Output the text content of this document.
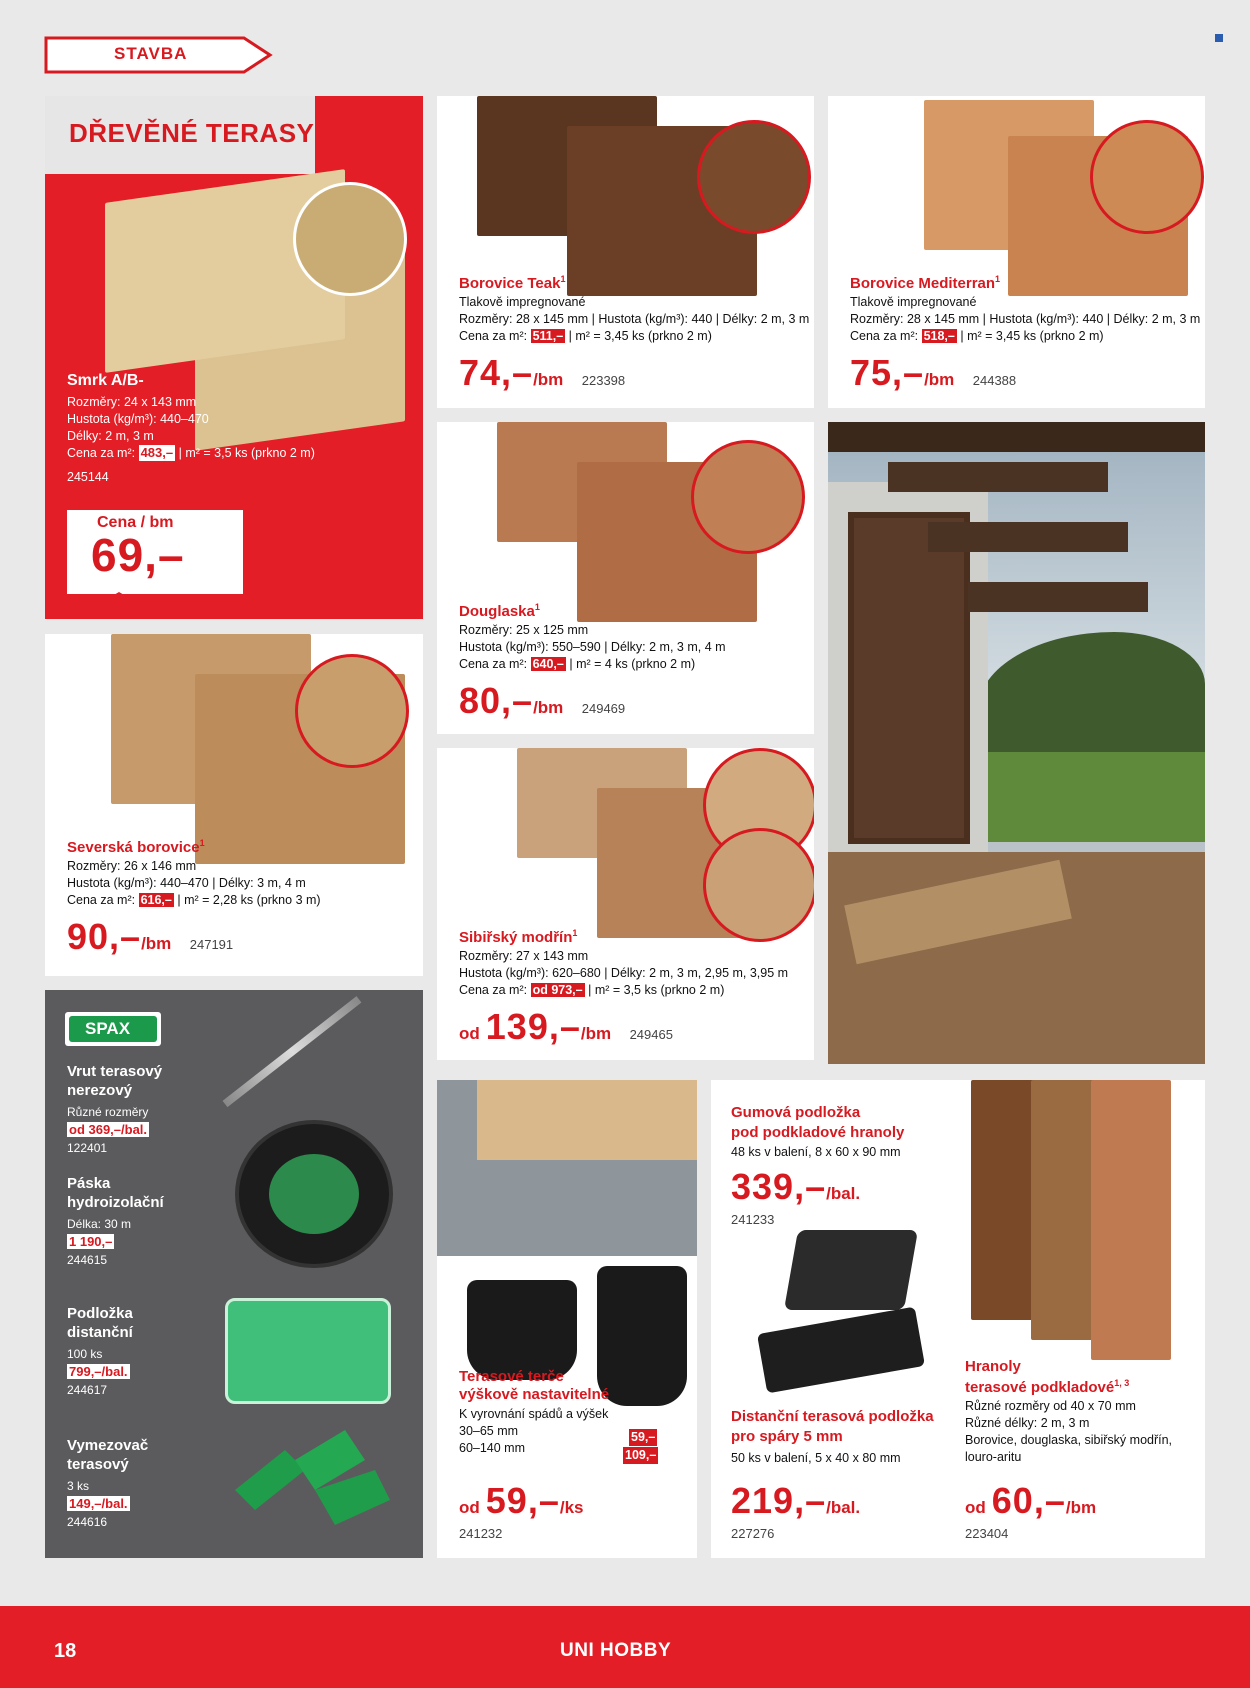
STAVBA
DŘEVĚNÉ TERASY
Smrk A/B-
Rozměry: 24 x 143 mm
Hustota (kg/m³): 440–470
Délky: 2 m, 3 m
Cena za m²: 483,– | m² = 3,5 ks (prkno 2 m)
245144
Cena / bm
69,–
Borovice Teak$^1$
Tlakově impregnované
Rozměry: 28 x 145 mm | Hustota (kg/m³): 440 | Délky: 2 m, 3 m
Cena za m²: 511,– | m² = 3,45 ks (prkno 2 m)
74,–/bm 223398
Borovice Mediterran$^1$
Tlakově impregnované
Rozměry: 28 x 145 mm | Hustota (kg/m³): 440 | Délky: 2 m, 3 m
Cena za m²: 518,– | m² = 3,45 ks (prkno 2 m)
75,–/bm 244388
Douglaska$^1$
Rozměry: 25 x 125 mm
Hustota (kg/m³): 550–590 | Délky: 2 m, 3 m, 4 m
Cena za m²: 640,– | m² = 4 ks (prkno 2 m)
80,–/bm 249469
Severská borovice$^1$
Rozměry: 26 x 146 mm
Hustota (kg/m³): 440–470 | Délky: 3 m, 4 m
Cena za m²: 616,– | m² = 2,28 ks (prkno 3 m)
90,–/bm 247191	Sibiřský modřín$^1$
Rozměry: 27 x 143 mm
Hustota (kg/m³): 620–680 | Délky: 2 m, 3 m, 2,95 m, 3,95 m
Cena za m²: od 973,– | m² = 3,5 ks (prkno 2 m)
od 139,–/bm 249465
SPAX
Vrut terasový
nerezový
Různé rozměry
od 369,–/bal.
122401
Páska
hydroizolační
Délka: 30 m
1 190,–
244615
Podložka
distanční
100 ks
799,–/bal.
244617
Vymezovač
terasový
3 ks
149,–/bal.
244616
Terasové terče
výškově nastavitelné
K vyrovnání spádů a výšek
30–65 mm
60–140 mm
59,–
109,–
od 59,–/ks
241232
Gumová podložka
pod podkladové hranoly
48 ks v balení, 8 x 60 x 90 mm
339,–/bal.
241233
Distanční terasová podložka
pro spáry 5 mm
50 ks v balení, 5 x 40 x 80 mm
219,–/bal.
227276
Hranoly
terasové podkladové$^{1, 3}$
Různé rozměry od 40 x 70 mm
Různé délky: 2 m, 3 m
Borovice, douglaska, sibiřský modřín,
louro-aritu
od 60,–/bm
223404
18	UNI HOBBY
